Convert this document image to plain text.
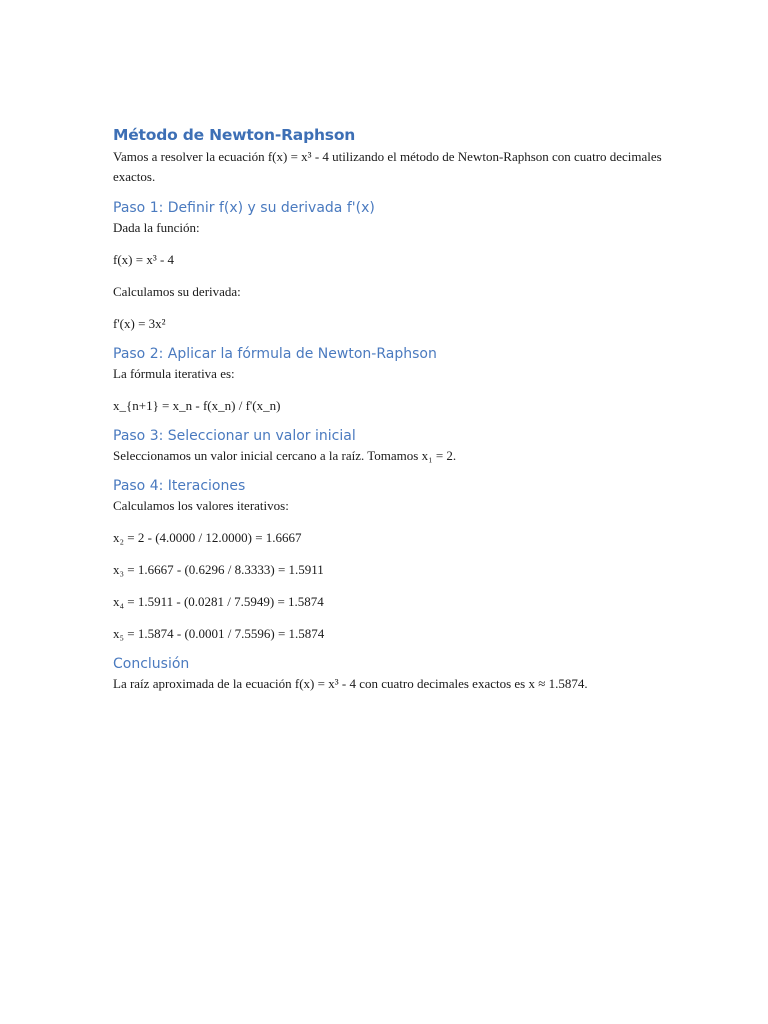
Método de Newton-Raphson

Vamos a resolver la ecuación f(x) = x³ - 4 utilizando el método de Newton-Raphson con cuatro decimales exactos.

Paso 1: Definir f(x) y su derivada f'(x)

Dada la función:

f(x) = x³ - 4

Calculamos su derivada:

f'(x) = 3x²

Paso 2: Aplicar la fórmula de Newton-Raphson

La fórmula iterativa es:

x_{n+1} = x_n - f(x_n) / f'(x_n)

Paso 3: Seleccionar un valor inicial

Seleccionamos un valor inicial cercano a la raíz. Tomamos x₁ = 2.

Paso 4: Iteraciones

Calculamos los valores iterativos:

x₂ = 2 - (4.0000 / 12.0000) = 1.6667

x₃ = 1.6667 - (0.6296 / 8.3333) = 1.5911

x₄ = 1.5911 - (0.0281 / 7.5949) = 1.5874

x₅ = 1.5874 - (0.0001 / 7.5596) = 1.5874

Conclusión

La raíz aproximada de la ecuación f(x) = x³ - 4 con cuatro decimales exactos es x ≈ 1.5874.
